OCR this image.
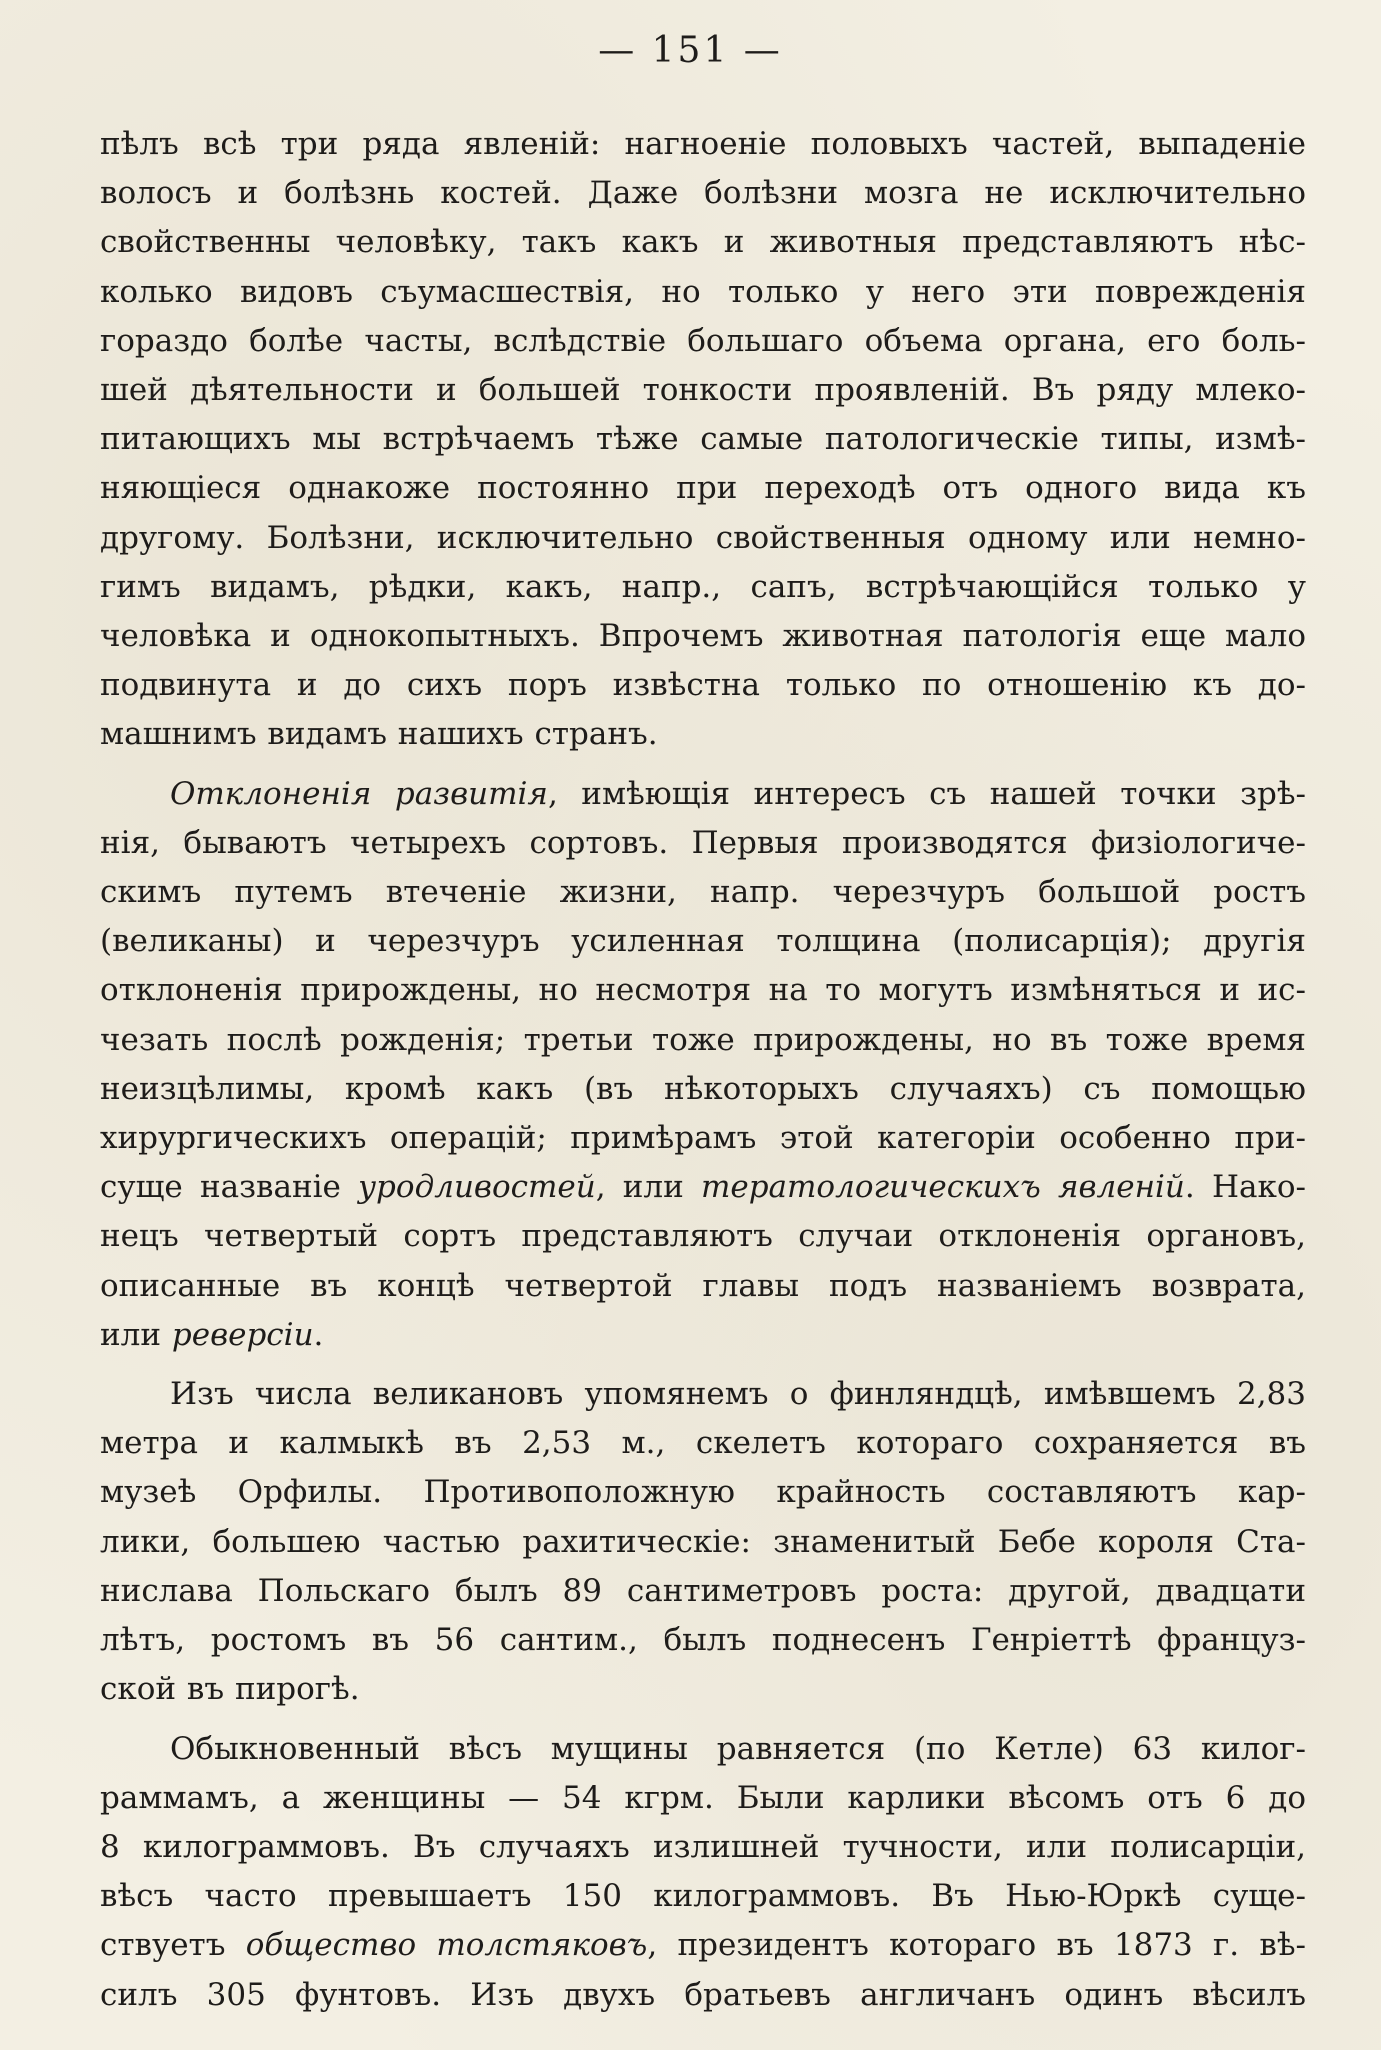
— 151 —
пѣлъ всѣ три ряда явленій: нагноеніе половыхъ частей, выпаденіе
волосъ и болѣзнь костей. Даже болѣзни мозга не исключительно
свойственны человѣку, такъ какъ и животныя представляютъ нѣс-
колько видовъ съумасшествія, но только у него эти поврежденія
гораздо болѣе часты, вслѣдствіе большаго объема органа, его боль-
шей дѣятельности и большей тонкости проявленій. Въ ряду млеко-
питающихъ мы встрѣчаемъ тѣже самые патологическіе типы, измѣ-
няющіеся однакоже постоянно при переходѣ отъ одного вида къ
другому. Болѣзни, исключительно свойственныя одному или немно-
гимъ видамъ, рѣдки, какъ, напр., сапъ, встрѣчающійся только у
человѣка и однокопытныхъ. Впрочемъ животная патологія еще мало
подвинута и до сихъ поръ извѣстна только по отношенію къ до-
машнимъ видамъ нашихъ странъ.
Отклоненія развитія, имѣющія интересъ съ нашей точки зрѣ-
нія, бываютъ четырехъ сортовъ. Первыя производятся физіологиче-
скимъ путемъ втеченіе жизни, напр. черезчуръ большой ростъ
(великаны) и черезчуръ усиленная толщина (полисарція); другія
отклоненія прирождены, но несмотря на то могутъ измѣняться и ис-
чезать послѣ рожденія; третьи тоже прирождены, но въ тоже время
неизцѣлимы, кромѣ какъ (въ нѣкоторыхъ случаяхъ) съ помощью
хирургическихъ операцій; примѣрамъ этой категоріи особенно при-
суще названіе уродливостей, или тератологическихъ явленій. Нако-
нецъ четвертый сортъ представляютъ случаи отклоненія органовъ,
описанные въ концѣ четвертой главы подъ названіемъ возврата,
или реверсіи.
Изъ числа великановъ упомянемъ о финляндцѣ, имѣвшемъ 2,83
метра и калмыкѣ въ 2,53 м., скелетъ котораго сохраняется въ
музеѣ Орфилы. Противоположную крайность составляютъ кар-
лики, большею частью рахитическіе: знаменитый Бебе короля Ста-
нислава Польскаго былъ 89 сантиметровъ роста: другой, двадцати
лѣтъ, ростомъ въ 56 сантим., былъ поднесенъ Генріеттѣ француз-
ской въ пирогѣ.
Обыкновенный вѣсъ мущины равняется (по Кетле) 63 килог-
раммамъ, а женщины — 54 кгрм. Были карлики вѣсомъ отъ 6 до
8 килограммовъ. Въ случаяхъ излишней тучности, или полисарціи,
вѣсъ часто превышаетъ 150 килограммовъ. Въ Нью-Юркѣ суще-
ствуетъ общество толстяковъ, президентъ котораго въ 1873 г. вѣ-
силъ 305 фунтовъ. Изъ двухъ братьевъ англичанъ одинъ вѣсилъ
